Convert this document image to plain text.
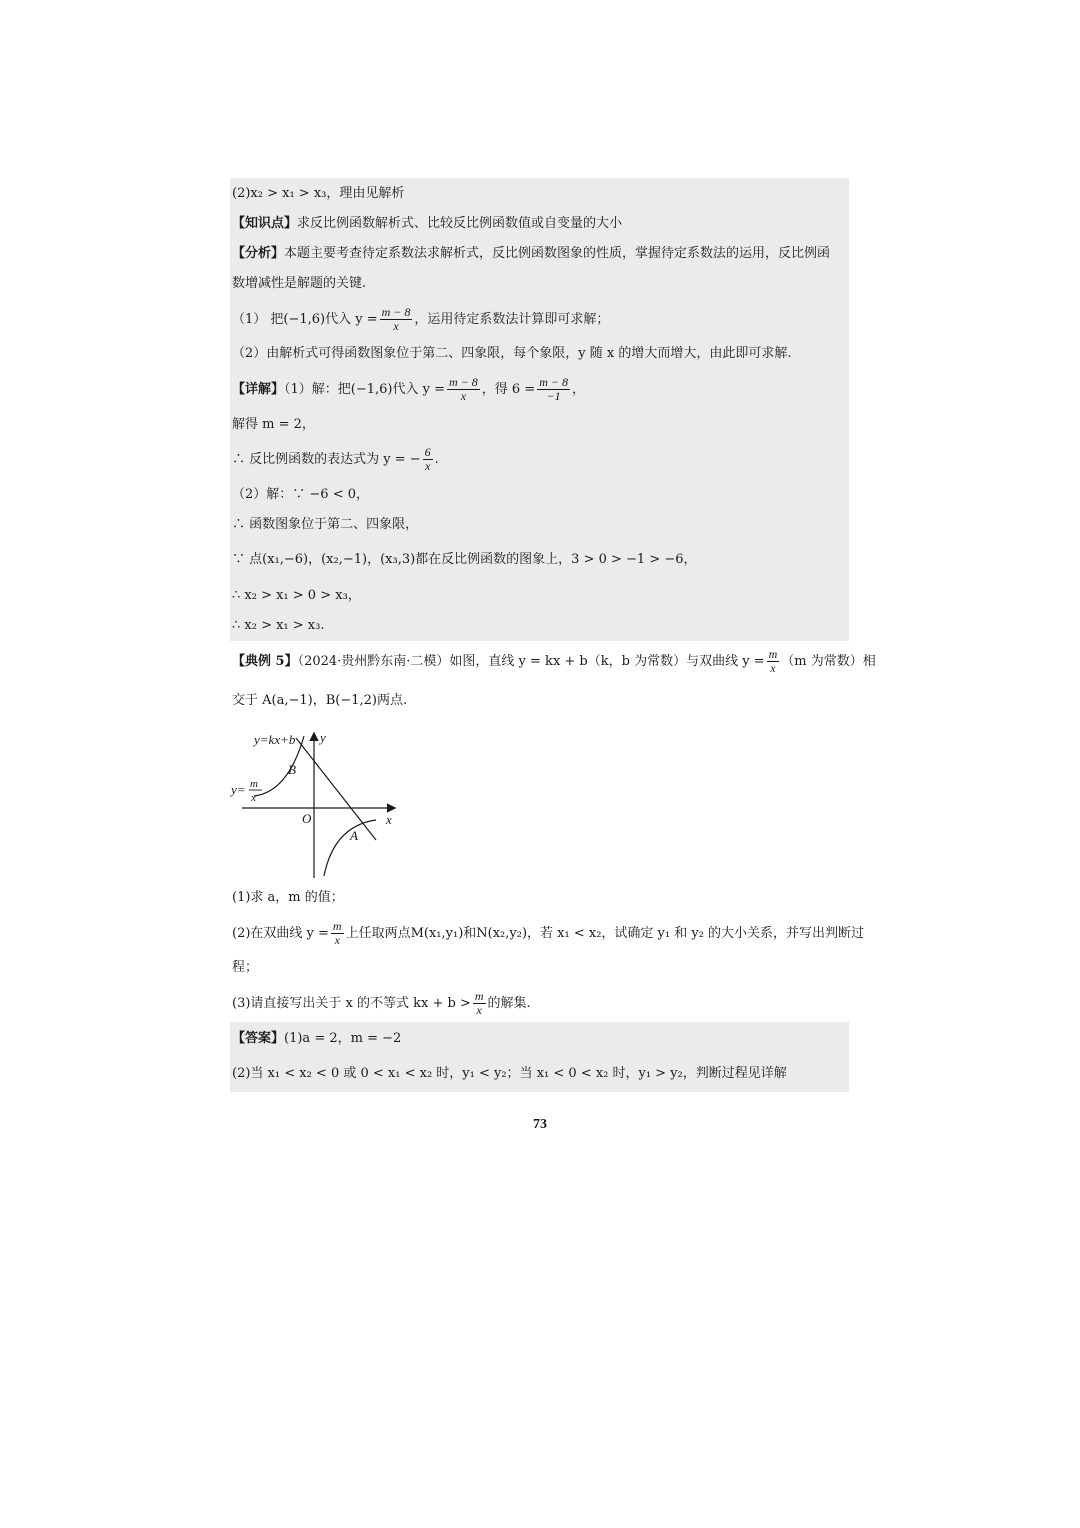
(2)x₂ > x₁ > x₃，理由见解析
【知识点】求反比例函数解析式、比较反比例函数值或自变量的大小
【分析】本题主要考查待定系数法求解析式，反比例函数图象的性质，掌握待定系数法的运用，反比例函
数增减性是解题的关键.
（1） 把(−1,6)代入 $y = \frac{m - 8}{x}$ ，运用待定系数法计算即可求解；
（2）由解析式可得函数图象位于第二、四象限，每个象限，y 随 x 的增大而增大，由此即可求解.
【详解】（1）解：把(−1,6)代入 $y = \frac{m - 8}{x}$ ，得 $6 = \frac{m - 8}{-1}$ ，
解得 m = 2，
∴ 反比例函数的表达式为 y = − $\frac{6}{x}$ .
（2）解：∵ −6 < 0，
∴ 函数图象位于第二、四象限，
∵ 点(x₁,−6)，(x₂,−1)，(x₃,3)都在反比例函数的图象上，3 > 0 > −1 > −6，
∴ x₂ > x₁ > 0 > x₃，
∴ x₂ > x₁ > x₃.
【典例 5】（2024·贵州黔东南·二模）如图，直线 y = kx + b（k，b 为常数）与双曲线 $y = \frac{m}{x} (m$ 为常数）相
交于 A(a,−1)，B(−1,2)两点.
y=kx+b y
x
O
B
A
y= m
x
(1)求 a，m 的值；
(2)在双曲线 $y = \frac{m}{x}$ 上任取两点M(x₁,y₁)和N(x₂,y₂)，若 x₁ < x₂，试确定 y₁ 和 y₂ 的大小关系，并写出判断过
程；
(3)请直接写出关于 x 的不等式 kx + $b > \frac{m}{x}$ 的解集.
【答案】(1)a = 2，m = −2
(2)当 x₁ < x₂ < 0 或 0 < x₁ < x₂ 时，y₁ < y₂；当 x₁ < 0 < x₂ 时，y₁ > y₂，判断过程见详解
73
